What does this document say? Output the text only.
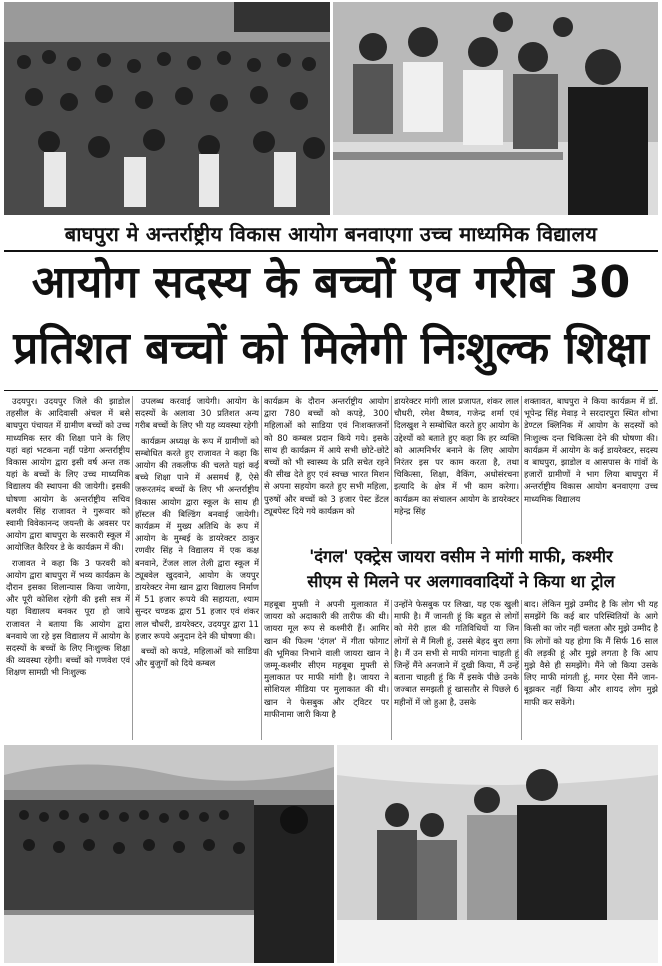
बाघपुरा मे अन्तर्राष्ट्रीय विकास आयोग बनवाएगा उच्च माध्यमिक विद्यालय
आयोग सदस्य के बच्चों एव गरीब 30
प्रतिशत बच्चों को मिलेगी निःशुल्क शिक्षा

उदयपुर। उदयपुर जिले की झाडोल तहसील के आदिवासी अंचल में बसे बाघपुरा पंचायत में ग्रामीण बच्चों को उच्च माध्यमिक स्तर की शिक्षा पाने के लिए यहां वहां भटकना नहीं पडेगा अन्तर्राष्ट्रीय विकास आयोग द्वारा इसी वर्ष अन्त तक यहां के बच्चों के लिए उच्च माध्यमिक विद्यालय की स्थापना की जायेगी। इसकी घोषणा आयोग के अन्तर्राष्ट्रीय सचिव बलवीर सिंह राजावत ने गुरूवार को स्वामी विवेकानन्द जयन्ती के अवसर पर आयोग द्वारा बाघपुरा के सरकारी स्कूल में आयोजित कैरियर डे के कार्यक्रम में की।

राजावत ने कहा कि 3 फरवरी को आयोग द्वारा बाघपुरा में भव्य कार्यक्रम के दौरान इसका शिलान्यास किया जायेगा, और पूरी कोशिश रहेगी की इसी सत्र में यहा विद्यालय बनकर पूरा हो जाये राजावत ने बताया कि आयोग द्वारा बनवाये जा रहे इस विद्यालय में आयोग के सदस्यों के बच्चों के लिए निःशुल्क शिक्षा की व्यवस्था रहेगी। बच्चों को गणवेश एवं शिक्षण सामग्री भी निःशुल्क

उपलब्ध करवाई जायेगी। आयोग के सदस्यों के अलावा 30 प्रतिशत अन्य गरीब बच्चों के लिए भी यह व्यवस्था रहेगी

कार्यक्रम अध्यक्ष के रूप में ग्रामीणों को सम्बोधित करते हुए राजावत ने कहा कि आयोग की तकलीफ की चलते यहां कई बच्चे शिक्षा पाने में असमर्थ हैं, ऐसे जरूरतमंद बच्चों के लिए भी अन्तर्राष्ट्रीय विकास आयोग द्वारा स्कूल के साथ ही हॉस्टल की बिल्डिंग बनवाई जायेगी। कार्यक्रम में मुख्य अतिथि के रूप में आयोग के मुम्बई के डायरेक्टर ठाकुर रणवीर सिंह ने विद्यालय में एक कक्ष बनवाने, टेंजल लाल तेली द्वारा स्कूल में ट्यूबवेल खुदवाने, आयोग के जयपुर डायरेक्टर नेमा खान द्वारा विद्यालय निर्माण में 51 हजार रूपये की सहायता, श्याम सुन्दर चण्डक द्वारा 51 हजार एवं शंकर लाल चौधरी, डायरेक्टर, उदयपुर द्वारा 11 हजार रूपये अनुदान देने की घोषणा की।

बच्चों को कपडे, महिलाओं को साडिया और बुजुर्गों को दिये कम्बल

कार्यक्रम के दौरान अन्तर्राष्ट्रीय आयोग द्वारा 780 बच्चों को कपड़े, 300 महिलाओं को साडिया एवं निःशक्तजनों को 80 कम्बल प्रदान किये गये। इसके साथ ही कार्यक्रम में आये सभी छोटे-छोटे बच्चों को भी स्वास्थ्य के प्रति सचेत रहने की सीख देते हुए एवं स्वच्छ भारत मिशन से अपना सहयोग करते हुए सभी महिला, पुरुषों और बच्चों को 3 हजार पेस्ट डेंटल ट्यूबपेस्ट दिये गये कार्यक्रम को
डायरेक्टर मांगी लाल प्रजापत, शंकर लाल चौधरी, रमेश वैष्णव, गजेन्द्र शर्मा एवं दिलखुश ने सम्बोधित करते हुए आयोग के उद्देश्यों को बताते हुए कहा कि हर व्यक्ति को आत्मनिर्भर बनाने के लिए आयोग निरंतर इस पर काम करता है, तथा चिकित्सा, शिक्षा, वैकिंग, अधोसंरचना इत्यादि के क्षेत्र में भी काम करेगा। कार्यक्रम का संचालन आयोग के डायरेक्टर महेन्द्र सिंह
शक्तावत, बाघपुरा ने किया कार्यक्रम में डॉ. भूपेन्द्र सिंह मेवाड़ ने सरदारपुरा स्थित शोभा डेण्टल क्लिनिक में आयोग के सदस्यों को निःशुल्क दन्त चिकित्सा देने की घोषणा की। कार्यक्रम में आयोग के कई डायरेक्टर, सदस्य व बाघपुरा, झाडोल व आसपास के गांवों के हजारों ग्रामीणों ने भाग लिया बाघपुरा में अन्तर्राष्ट्रीय विकास आयोग बनवाएगा उच्च माध्यमिक विद्यालय
'दंगल' एक्ट्रेस जायरा वसीम ने मांगी माफी, कश्मीर
सीएम से मिलने पर अलगाववादियों ने किया था ट्रोल
महबूबा मुफ्ती ने अपनी मुलाकात में जायरा को अदाकारी की तारीफ की थी। जायरा मूल रूप से कश्मीरी हैं। आमिर खान की फिल्म 'दंगल' में गीता फोगाट की भूमिका निभाने वाली जायरा खान ने जम्मू-कश्मीर सीएम महबूबा मुफ्ती से मुलाकात पर माफी मांगी है। जायरा ने सोशियल मीडिया पर मुलाकात की थी। खान ने फेसबुक और ट्विटर पर माफीनामा जारी किया है
उन्होंने फेसबुक पर लिखा, यह एक खुली माफी है। मैं जानती हूं कि बहुत से लोगों को मेरी हाल की गतिविधियों या जिन लोगों से मैं मिली हूं, उससे बेहद बुरा लगा है। मैं उन सभी से माफी मांगना चाहती हूं जिन्हें मैंने अनजाने में दुखी किया, मैं उन्हें बताना चाहती हूं कि मैं इसके पीछे उनके जज्बात समझती हूं खासतौर से पिछले 6 महीनों में जो हुआ है, उसके
बाद। लेकिन मुझे उम्मीद है कि लोग भी यह समझेंगे कि कई बार परिस्थितियों के आगे किसी का जोर नहीं चलता और मुझे उम्मीद है कि लोगों को यह होगा कि मैं सिर्फ 16 साल की लड़की हूं और मुझे लगता है कि आप मुझे वैसे ही समझेंगे। मैंने जो किया उसके लिए माफी मांगती हूं, मगर ऐसा मैंने जान-बूझकर नहीं किया और शायद लोग मुझे माफी कर सकेंगे।
